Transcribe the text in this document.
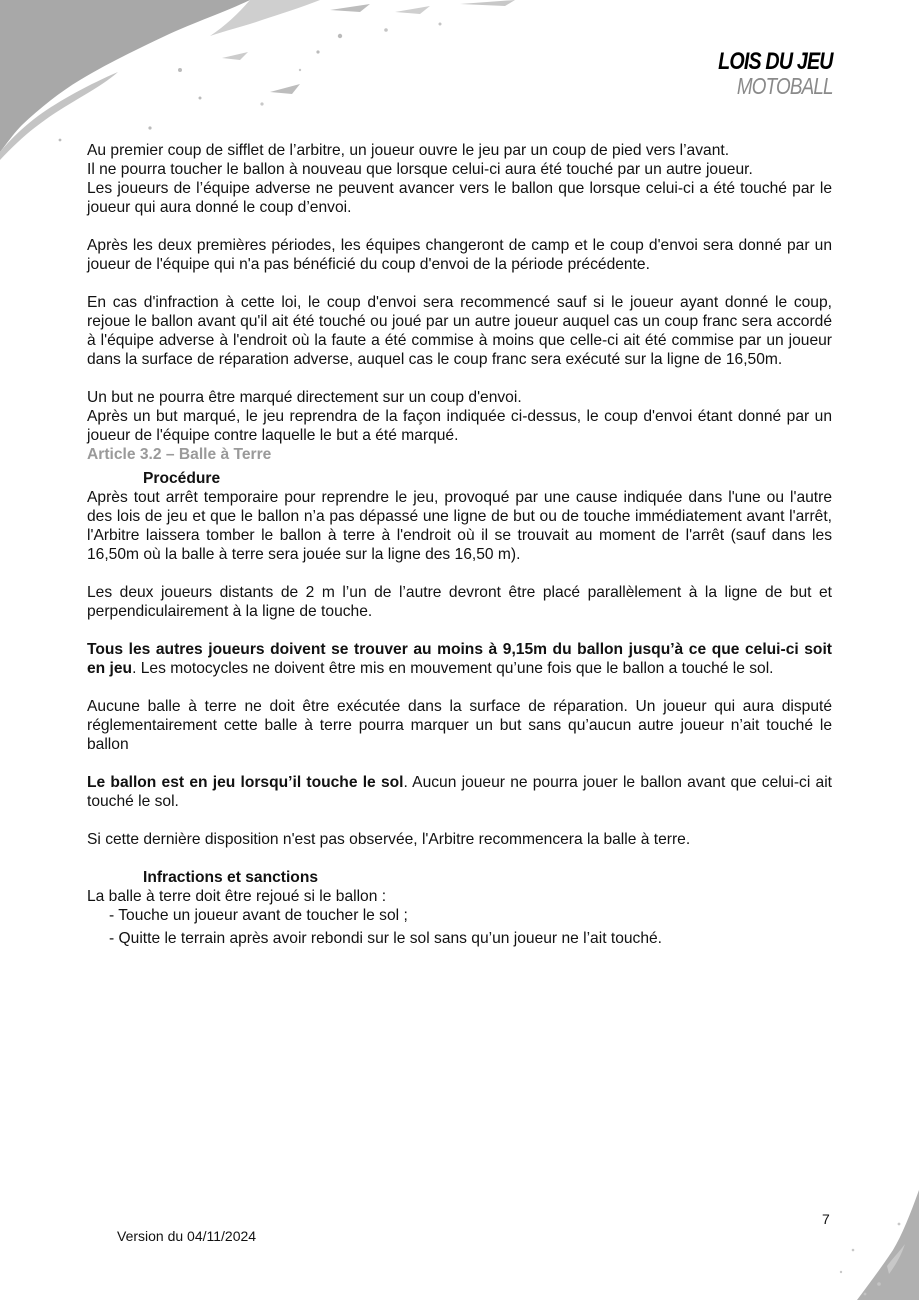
LOIS DU JEU
MOTOBALL

Au premier coup de sifflet de l’arbitre, un joueur ouvre le jeu par un coup de pied vers l’avant.

Il ne pourra toucher le ballon à nouveau que lorsque celui-ci aura été touché par un autre joueur.

Les joueurs de l’équipe adverse ne peuvent avancer vers le ballon que lorsque celui-ci a été touché par le joueur qui aura donné le coup d’envoi.

Après les deux premières périodes, les équipes changeront de camp et le coup d'envoi sera donné par un joueur de l'équipe qui n'a pas bénéficié du coup d'envoi de la période précédente.

En cas d'infraction à cette loi, le coup d'envoi sera recommencé sauf si le joueur ayant donné le coup, rejoue le ballon avant qu'il ait été touché ou joué par un autre joueur auquel cas un coup franc sera accordé à l'équipe adverse à l'endroit où la faute a été commise à moins que celle-ci ait été commise par un joueur dans la surface de réparation adverse, auquel cas le coup franc sera exécuté sur la ligne de 16,50m.

Un but ne pourra être marqué directement sur un coup d'envoi.

Après un but marqué, le jeu reprendra de la façon indiquée ci-dessus, le coup d'envoi étant donné par un joueur de l'équipe contre laquelle le but a été marqué.

Article 3.2 – Balle à Terre

Procédure

Après tout arrêt temporaire pour reprendre le jeu, provoqué par une cause indiquée dans l'une ou l'autre des lois de jeu et que le ballon n’a pas dépassé une ligne de but ou de touche immédiatement avant l'arrêt, l'Arbitre laissera tomber le ballon à terre à l'endroit où il se trouvait au moment de l'arrêt (sauf dans les 16,50m où la balle à terre sera jouée sur la ligne des 16,50 m).

Les deux joueurs distants de 2 m l’un de l’autre devront être placé parallèlement à la ligne de but et perpendiculairement à la ligne de touche.

Tous les autres joueurs doivent se trouver au moins à 9,15m du ballon jusqu’à ce que celui-ci soit en jeu. Les motocycles ne doivent être mis en mouvement qu’une fois que le ballon a touché le sol.

Aucune balle à terre ne doit être exécutée dans la surface de réparation. Un joueur qui aura disputé réglementairement cette balle à terre pourra marquer un but sans qu’aucun autre joueur n’ait touché le ballon

Le ballon est en jeu lorsqu’il touche le sol. Aucun joueur ne pourra jouer le ballon avant que celui-ci ait touché le sol.

Si cette dernière disposition n'est pas observée, l'Arbitre recommencera la balle à terre.

Infractions et sanctions

La balle à terre doit être rejoué si le ballon :

- Touche un joueur avant de toucher le sol ;

- Quitte le terrain après avoir rebondi sur le sol sans qu’un joueur ne l’ait touché.

7
Version du 04/11/2024
